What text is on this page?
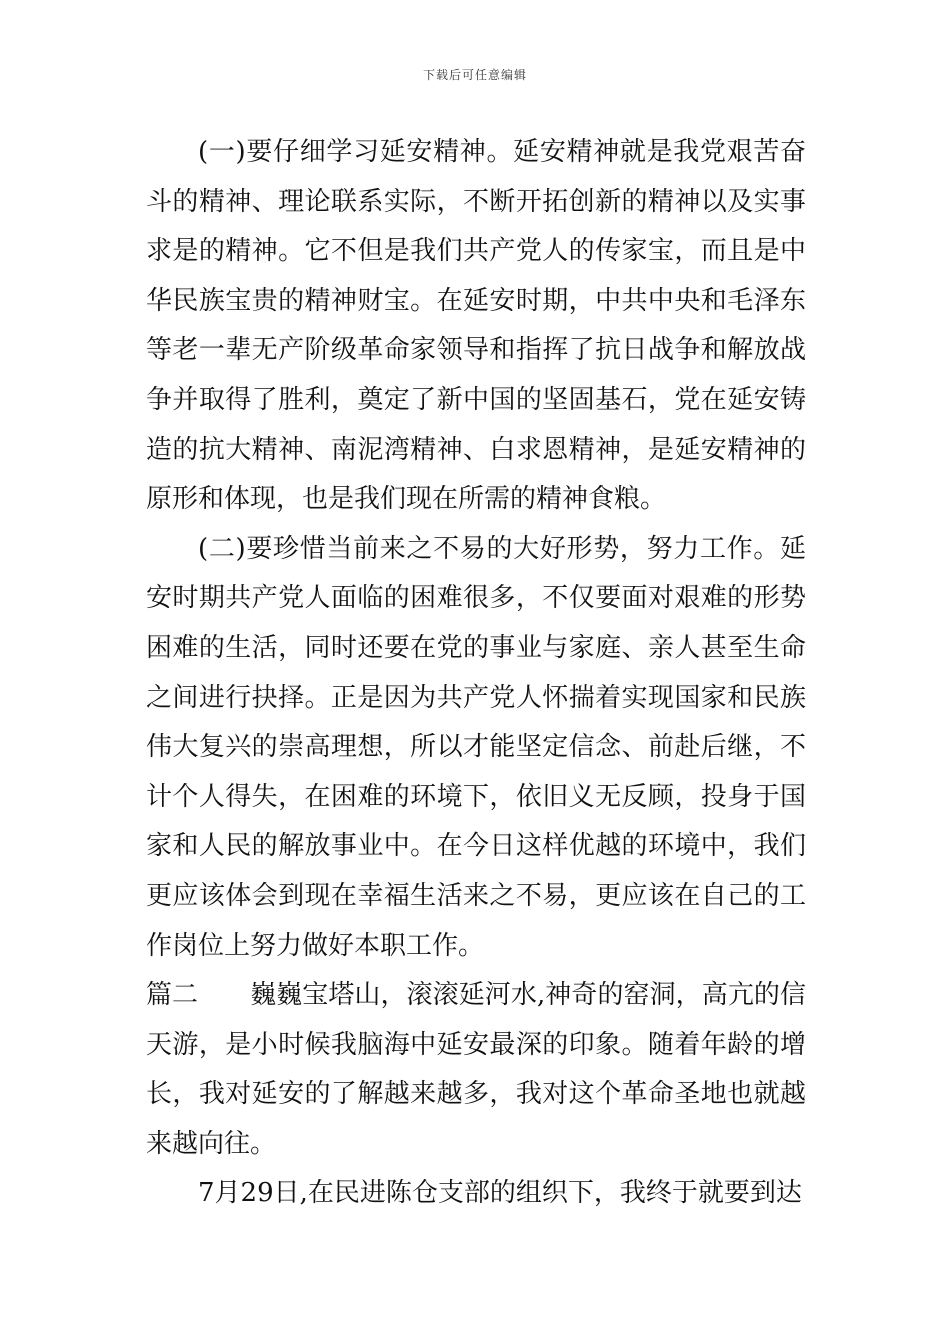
下载后可任意编辑

(一)要仔细学习延安精神。延安精神就是我党艰苦奋斗的精神、理论联系实际，不断开拓创新的精神以及实事求是的精神。它不但是我们共产党人的传家宝，而且是中华民族宝贵的精神财宝。在延安时期，中共中央和毛泽东等老一辈无产阶级革命家领导和指挥了抗日战争和解放战争并取得了胜利，奠定了新中国的坚固基石，党在延安铸造的抗大精神、南泥湾精神、白求恩精神，是延安精神的原形和体现，也是我们现在所需的精神食粮。

(二)要珍惜当前来之不易的大好形势，努力工作。延安时期共产党人面临的困难很多，不仅要面对艰难的形势困难的生活，同时还要在党的事业与家庭、亲人甚至生命之间进行抉择。正是因为共产党人怀揣着实现国家和民族伟大复兴的崇高理想，所以才能坚定信念、前赴后继，不计个人得失，在困难的环境下，依旧义无反顾，投身于国家和人民的解放事业中。在今日这样优越的环境中，我们更应该体会到现在幸福生活来之不易，更应该在自己的工作岗位上努力做好本职工作。

篇二 巍巍宝塔山，滚滚延河水,神奇的窑洞，高亢的信天游，是小时候我脑海中延安最深的印象。随着年龄的增长，我对延安的了解越来越多，我对这个革命圣地也就越来越向往。

7月29日,在民进陈仓支部的组织下，我终于就要到达
